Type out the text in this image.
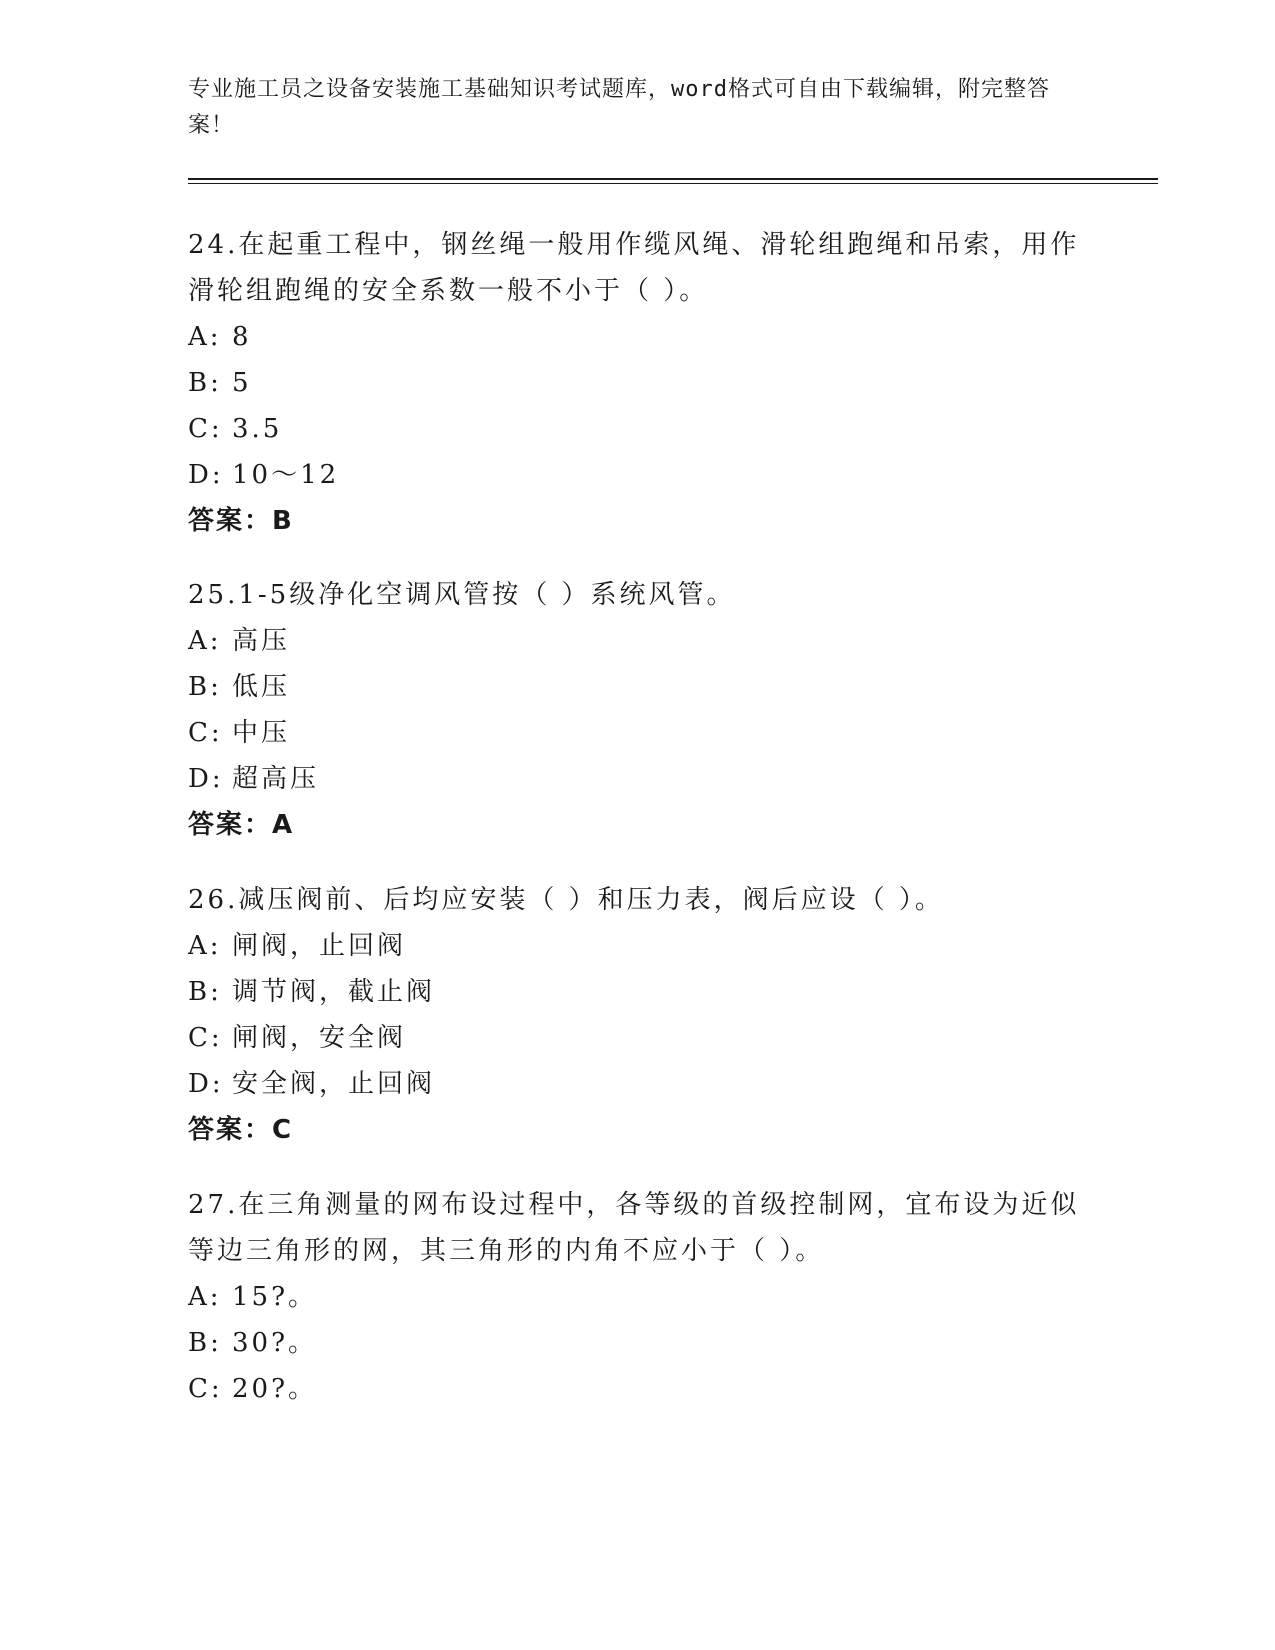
专业施工员之设备安装施工基础知识考试题库，word格式可自由下载编辑，附完整答案！

24.在起重工程中，钢丝绳一般用作缆风绳、滑轮组跑绳和吊索，用作滑轮组跑绳的安全系数一般不小于（ ）。

A: 8

B: 5

C: 3.5

D: 10～12

答案：B

25.1-5级净化空调风管按（ ）系统风管。

A: 高压

B: 低压

C: 中压

D: 超高压

答案：A

26.减压阀前、后均应安装（ ）和压力表，阀后应设（ ）。

A: 闸阀，止回阀

B: 调节阀，截止阀

C: 闸阀，安全阀

D: 安全阀，止回阀

答案：C

27.在三角测量的网布设过程中，各等级的首级控制网，宜布设为近似等边三角形的网，其三角形的内角不应小于（ ）。

A: 15?。

B: 30?。

C: 20?。
